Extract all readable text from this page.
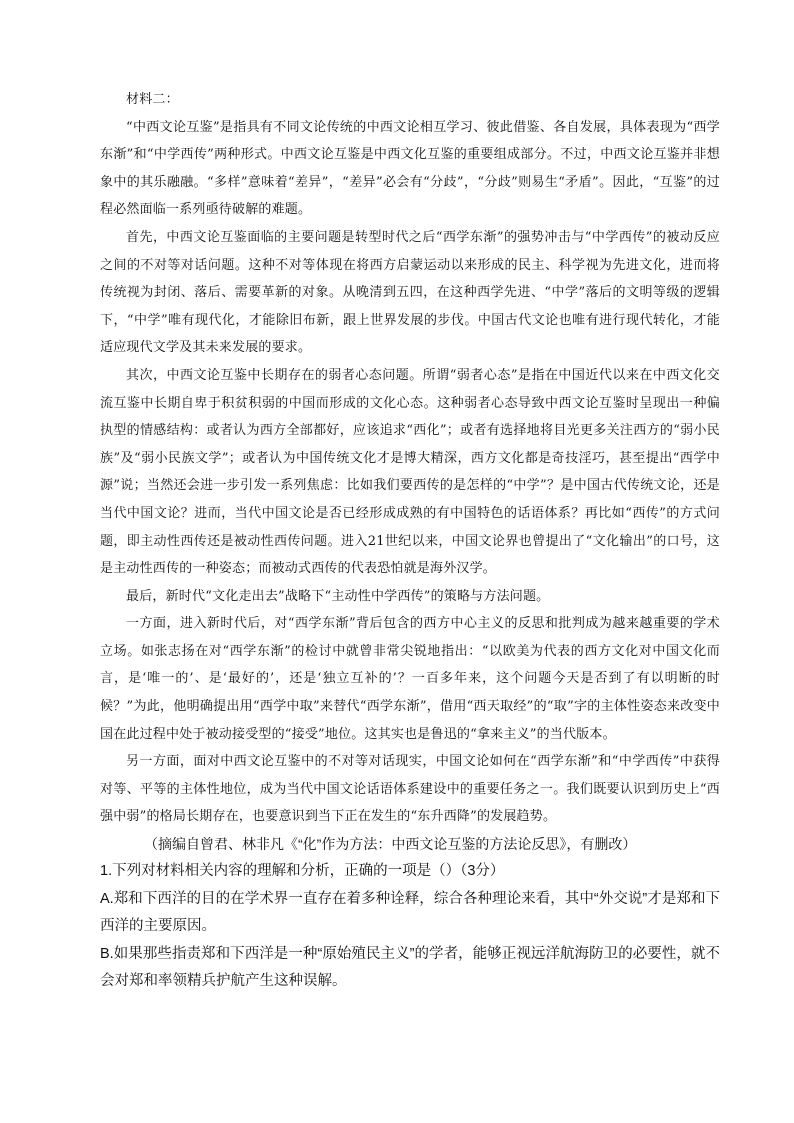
材料二：

“中西文论互鉴”是指具有不同文论传统的中西文论相互学习、彼此借鉴、各自发展，具体表现为“西学东渐”和“中学西传”两种形式。中西文论互鉴是中西文化互鉴的重要组成部分。不过，中西文论互鉴并非想象中的其乐融融。“多样”意味着“差异”，“差异”必会有“分歧”，“分歧”则易生“矛盾”。因此，“互鉴”的过程必然面临一系列亟待破解的难题。

首先，中西文论互鉴面临的主要问题是转型时代之后“西学东渐”的强势冲击与“中学西传”的被动反应之间的不对等对话问题。这种不对等体现在将西方启蒙运动以来形成的民主、科学视为先进文化，进而将传统视为封闭、落后、需要革新的对象。从晚清到五四，在这种西学先进、“中学”落后的文明等级的逻辑下，“中学”唯有现代化，才能除旧布新，跟上世界发展的步伐。中国古代文论也唯有进行现代转化，才能适应现代文学及其未来发展的要求。

其次，中西文论互鉴中长期存在的弱者心态问题。所谓“弱者心态”是指在中国近代以来在中西文化交流互鉴中长期自卑于积贫积弱的中国而形成的文化心态。这种弱者心态导致中西文论互鉴时呈现出一种偏执型的情感结构：或者认为西方全部都好，应该追求“西化”；或者有选择地将目光更多关注西方的“弱小民族”及“弱小民族文学”；或者认为中国传统文化才是博大精深，西方文化都是奇技淫巧，甚至提出“西学中源”说；当然还会进一步引发一系列焦虑：比如我们要西传的是怎样的“中学”？是中国古代传统文论，还是当代中国文论？进而，当代中国文论是否已经形成成熟的有中国特色的话语体系？再比如“西传”的方式问题，即主动性西传还是被动性西传问题。进入21世纪以来，中国文论界也曾提出了“文化输出”的口号，这是主动性西传的一种姿态；而被动式西传的代表恐怕就是海外汉学。

最后，新时代“文化走出去”战略下“主动性中学西传”的策略与方法问题。

一方面，进入新时代后，对“西学东渐”背后包含的西方中心主义的反思和批判成为越来越重要的学术立场。如张志扬在对“西学东渐”的检讨中就曾非常尖锐地指出：“以欧美为代表的西方文化对中国文化而言，是‘唯一的’、是‘最好的’，还是‘独立互补的’？一百多年来，这个问题今天是否到了有以明断的时候？”为此，他明确提出用“西学中取”来替代“西学东渐”，借用“西天取经”的“取”字的主体性姿态来改变中国在此过程中处于被动接受型的“接受”地位。这其实也是鲁迅的“拿来主义”的当代版本。

另一方面，面对中西文论互鉴中的不对等对话现实，中国文论如何在“西学东渐”和“中学西传”中获得对等、平等的主体性地位，成为当代中国文论话语体系建设中的重要任务之一。我们既要认识到历史上“西强中弱”的格局长期存在，也要意识到当下正在发生的“东升西降”的发展趋势。

（摘编自曾君、林非凡《“化”作为方法：中西文论互鉴的方法论反思》，有删改）

1.下列对材料相关内容的理解和分析，正确的一项是（）（3分）

A.郑和下西洋的目的在学术界一直存在着多种诠释，综合各种理论来看，其中“外交说”才是郑和下西洋的主要原因。

B.如果那些指责郑和下西洋是一种“原始殖民主义”的学者，能够正视远洋航海防卫的必要性，就不会对郑和率领精兵护航产生这种误解。
